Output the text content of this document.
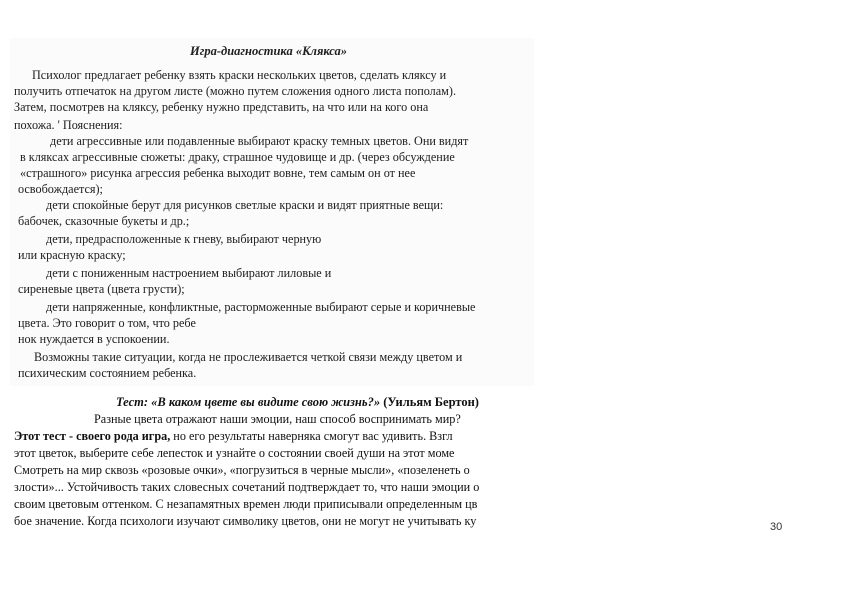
Игра-диагностика «Клякса»
Психолог предлагает ребенку взять краски нескольких цветов, сделать кляксу и
получить отпечаток на другом листе (можно путем сложения одного листа пополам).
Затем, посмотрев на кляксу, ребенку нужно представить, на что или на кого она
похожа. ' Пояснения:
дети агрессивные или подавленные выбирают краску темных цветов. Они видят
в кляксах агрессивные сюжеты: драку, страшное чудовище и др. (через обсуждение
«страшного» рисунка агрессия ребенка выходит вовне, тем самым он от нее
освобождается);
дети спокойные берут для рисунков светлые краски и видят приятные вещи:
бабочек, сказочные букеты и др.;
дети, предрасположенные к гневу, выбирают черную
или красную краску;
дети с пониженным настроением выбирают лиловые и
сиреневые цвета (цвета грусти);
дети напряженные, конфликтные, расторможенные выбирают серые и коричневые
цвета. Это говорит о том, что ребе
нок нуждается в успокоении.
Возможны такие ситуации, когда не прослеживается четкой связи между цветом и
психическим состоянием ребенка.
Тест: «В каком цвете вы видите свою жизнь?» (Уильям Бертон)
Разные цвета отражают наши эмоции, наш способ воспринимать мир?
Этот тест - своего рода игра, но его результаты наверняка смогут вас удивить. Взгл
этот цветок, выберите себе лепесток и узнайте о состоянии своей души на этот моме
Смотреть на мир сквозь «розовые очки», «погрузиться в черные мысли», «позеленеть о
злости»... Устойчивость таких словесных сочетаний подтверждает то, что наши эмоции о
своим цветовым оттенком. С незапамятных времен люди приписывали определенным цв
бое значение. Когда психологи изучают символику цветов, они не могут не учитывать ку	30
